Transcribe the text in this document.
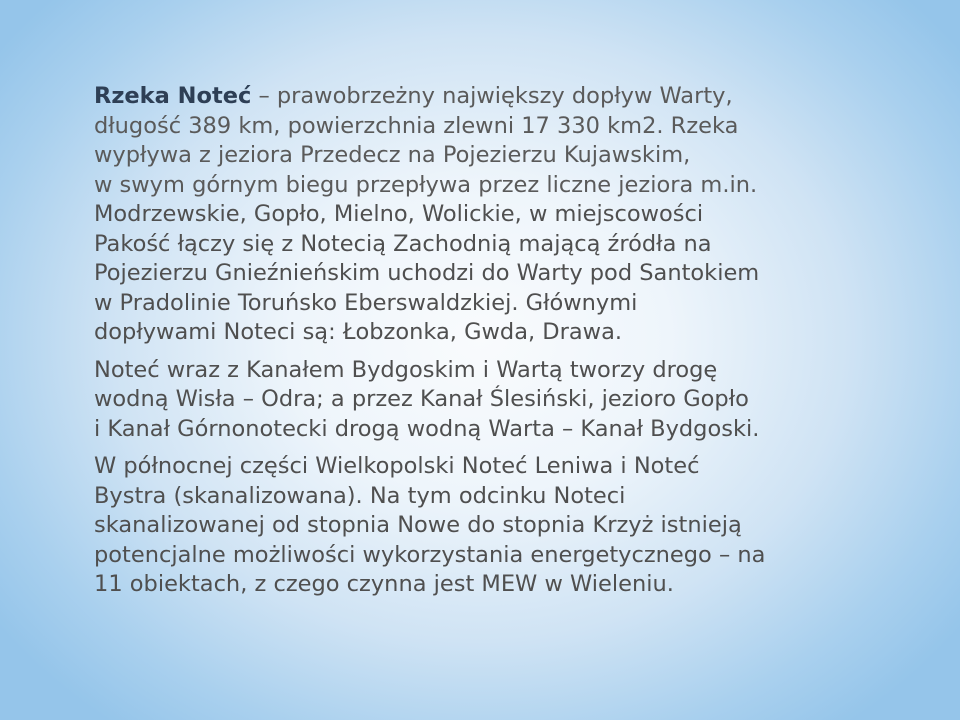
Rzeka Noteć – prawobrzeżny największy dopływ Warty,
długość 389 km, powierzchnia zlewni 17 330 km2. Rzeka
wypływa z jeziora Przedecz na Pojezierzu Kujawskim,
w swym górnym biegu przepływa przez liczne jeziora m.in.
Modrzewskie, Gopło, Mielno, Wolickie, w miejscowości
Pakość łączy się z Notecią Zachodnią mającą źródła na
Pojezierzu Gnieźnieńskim uchodzi do Warty pod Santokiem
w Pradolinie Toruńsko Eberswaldzkiej. Głównymi
dopływami Noteci są: Łobzonka, Gwda, Drawa.

Noteć wraz z Kanałem Bydgoskim i Wartą tworzy drogę
wodną Wisła – Odra; a przez Kanał Ślesiński, jezioro Gopło
i Kanał Górnonotecki drogą wodną Warta – Kanał Bydgoski.

W północnej części Wielkopolski Noteć Leniwa i Noteć
Bystra (skanalizowana). Na tym odcinku Noteci
skanalizowanej od stopnia Nowe do stopnia Krzyż istnieją
potencjalne możliwości wykorzystania energetycznego – na
11 obiektach, z czego czynna jest MEW w Wieleniu.
